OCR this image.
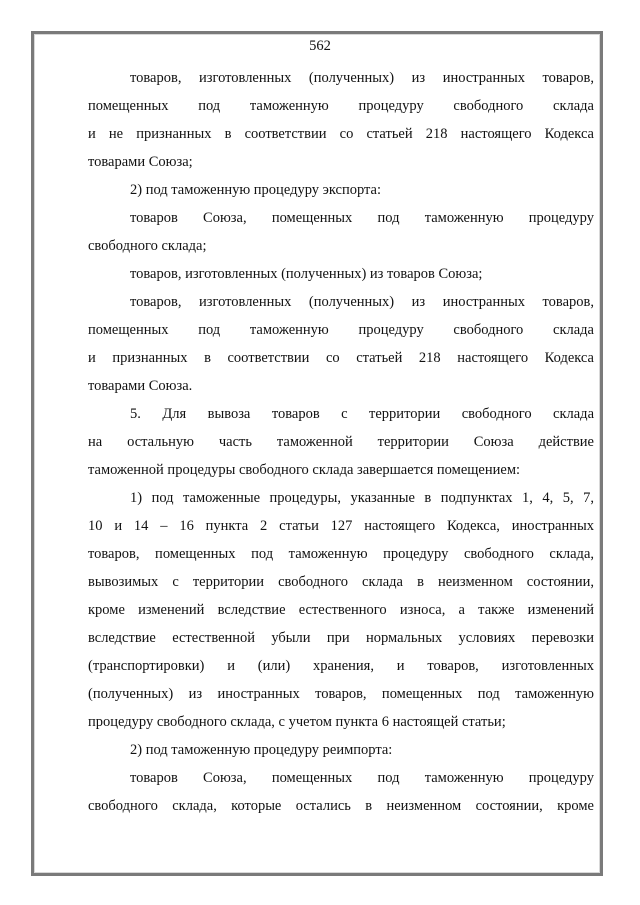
562
товаров, изготовленных (полученных) из иностранных товаров,
помещенных под таможенную процедуру свободного склада
и не признанных в соответствии со статьей 218 настоящего Кодекса
товарами Союза;
2) под таможенную процедуру экспорта:
товаров Союза, помещенных под таможенную процедуру
свободного склада;
товаров, изготовленных (полученных) из товаров Союза;
товаров, изготовленных (полученных) из иностранных товаров,
помещенных под таможенную процедуру свободного склада
и признанных в соответствии со статьей 218 настоящего Кодекса
товарами Союза.
5. Для вывоза товаров с территории свободного склада
на остальную часть таможенной территории Союза действие
таможенной процедуры свободного склада завершается помещением:
1) под таможенные процедуры, указанные в подпунктах 1, 4, 5, 7,
10 и 14 – 16 пункта 2 статьи 127 настоящего Кодекса, иностранных
товаров, помещенных под таможенную процедуру свободного склада,
вывозимых с территории свободного склада в неизменном состоянии,
кроме изменений вследствие естественного износа, а также изменений
вследствие естественной убыли при нормальных условиях перевозки
(транспортировки) и (или) хранения, и товаров, изготовленных
(полученных) из иностранных товаров, помещенных под таможенную
процедуру свободного склада, с учетом пункта 6 настоящей статьи;
2) под таможенную процедуру реимпорта:
товаров Союза, помещенных под таможенную процедуру
свободного склада, которые остались в неизменном состоянии, кроме
